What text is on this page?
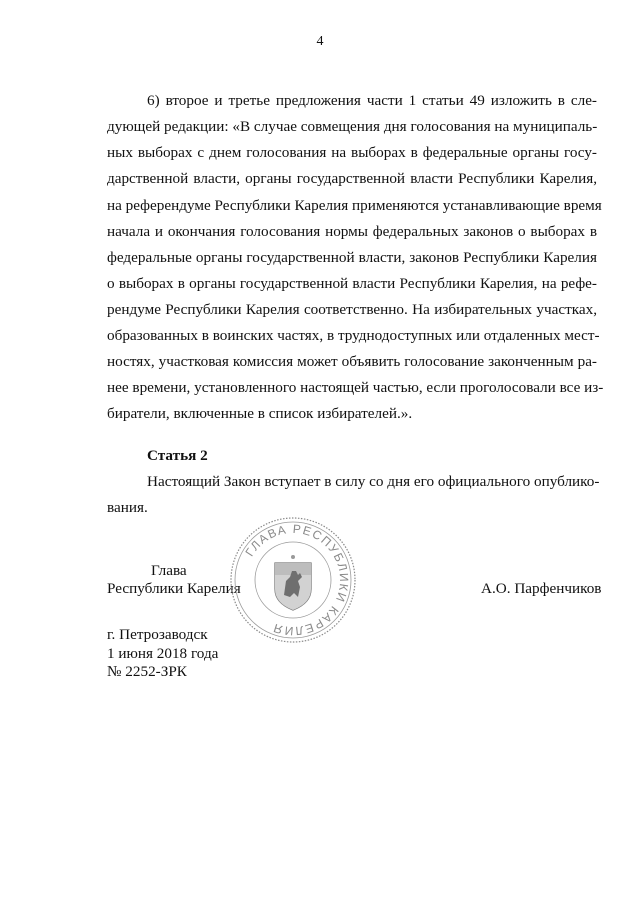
4
6) второе и третье предложения части 1 статьи 49 изложить в сле-
дующей редакции: «В случае совмещения дня голосования на муниципаль-
ных выборах с днем голосования на выборах в федеральные органы госу-
дарственной власти, органы государственной власти Республики Карелия,
на референдуме Республики Карелия применяются устанавливающие время
начала и окончания голосования нормы федеральных законов о выборах в
федеральные органы государственной власти, законов Республики Карелия
о выборах в органы государственной власти Республики Карелия, на рефе-
рендуме Республики Карелия соответственно. На избирательных участках,
образованных в воинских частях, в труднодоступных или отдаленных мест-
ностях, участковая комиссия может объявить голосование законченным ра-
нее времени, установленного настоящей частью, если проголосовали все из-
биратели, включенные в список избирателей.».
Статья 2
Настоящий Закон вступает в силу со дня его официального опублико-
вания.
Глава
Республики Карелия
ГЛАВА РЕСПУБЛИКИ КАРЕЛИЯ
А.О. Парфенчиков
г. Петрозаводск
1 июня 2018 года
№ 2252-ЗРК
